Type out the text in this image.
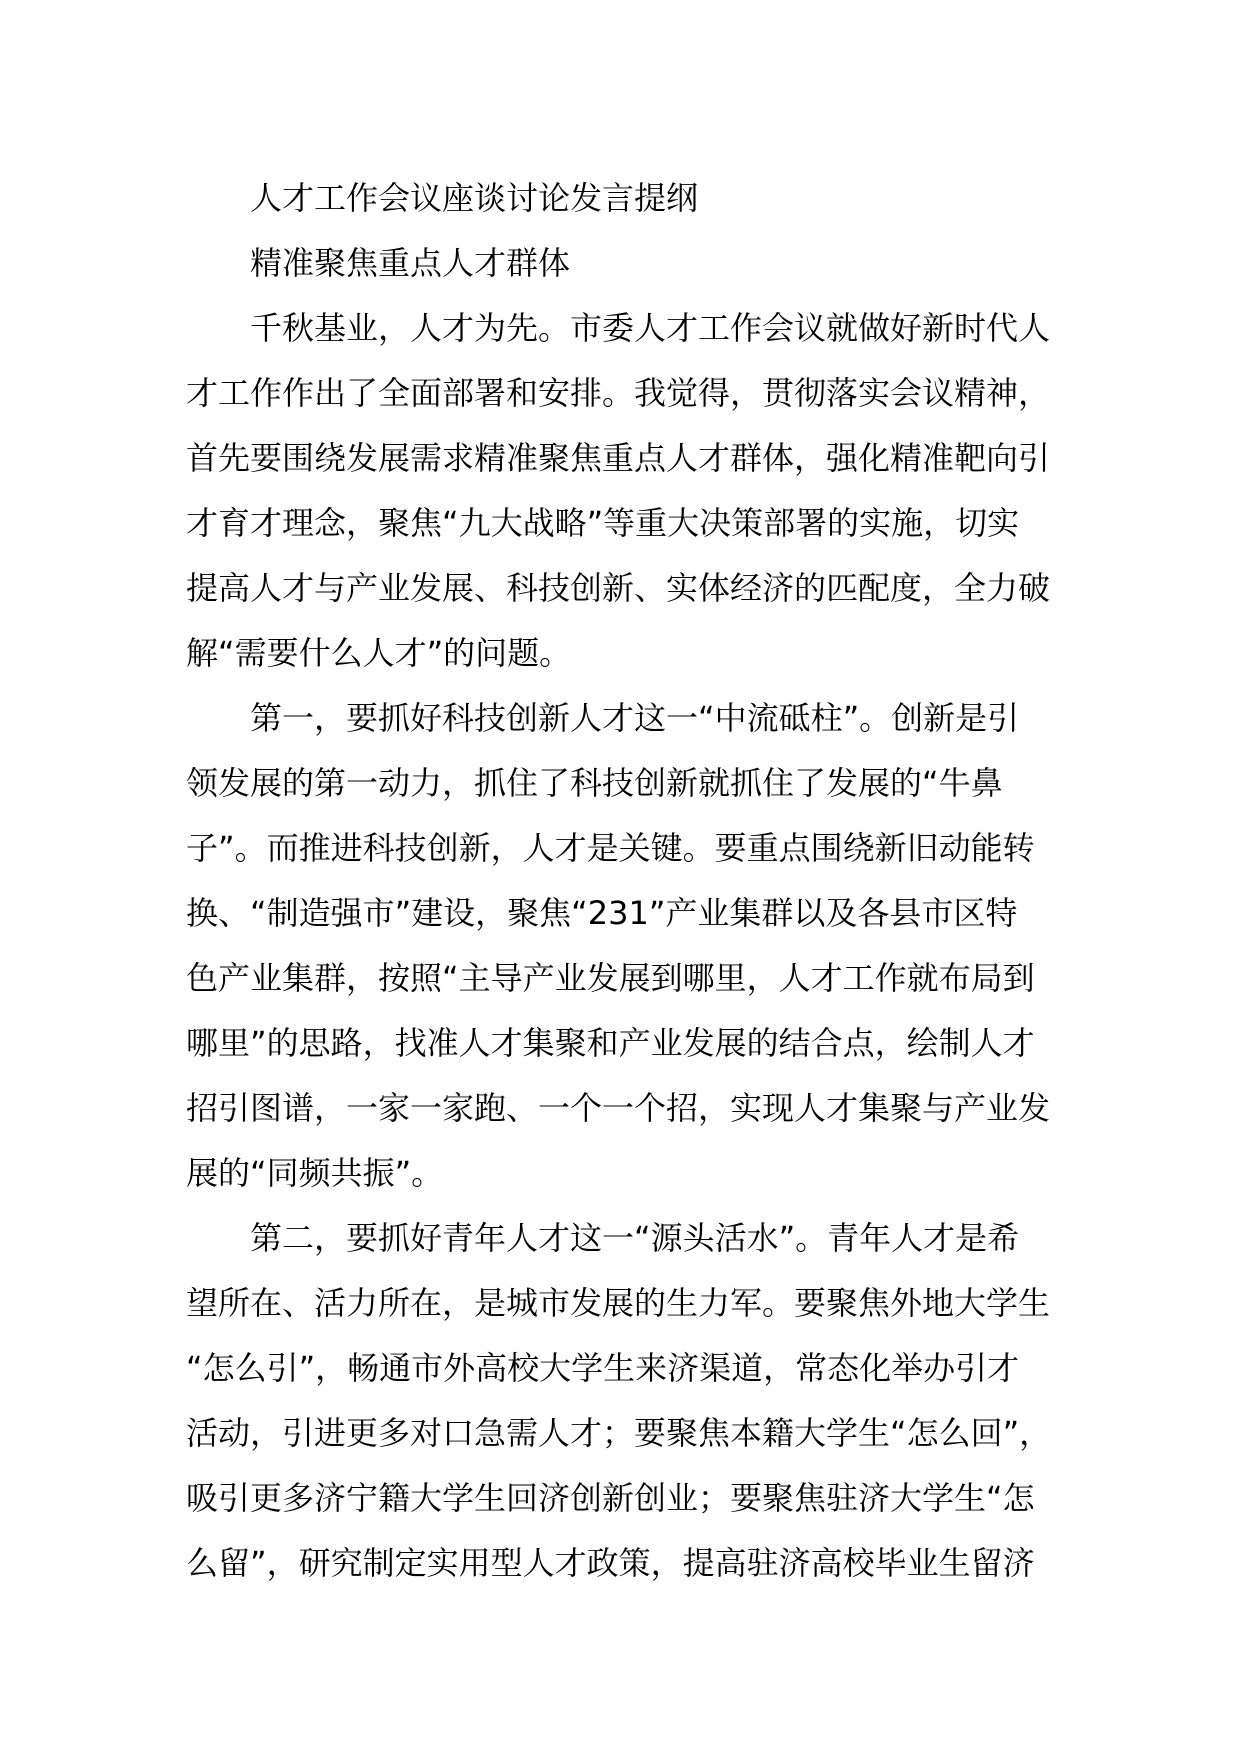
人才工作会议座谈讨论发言提纲
精准聚焦重点人才群体
千秋基业，人才为先。市委人才工作会议就做好新时代人
才工作作出了全面部署和安排。我觉得，贯彻落实会议精神，
首先要围绕发展需求精准聚焦重点人才群体，强化精准靶向引
才育才理念，聚焦“九大战略”等重大决策部署的实施，切实
提高人才与产业发展、科技创新、实体经济的匹配度，全力破
解“需要什么人才”的问题。
第一，要抓好科技创新人才这一“中流砥柱”。创新是引
领发展的第一动力，抓住了科技创新就抓住了发展的“牛鼻
子”。而推进科技创新，人才是关键。要重点围绕新旧动能转
换、“制造强市”建设，聚焦“231”产业集群以及各县市区特
色产业集群，按照“主导产业发展到哪里，人才工作就布局到
哪里”的思路，找准人才集聚和产业发展的结合点，绘制人才
招引图谱，一家一家跑、一个一个招，实现人才集聚与产业发
展的“同频共振”。
第二，要抓好青年人才这一“源头活水”。青年人才是希
望所在、活力所在，是城市发展的生力军。要聚焦外地大学生
“怎么引”，畅通市外高校大学生来济渠道，常态化举办引才
活动，引进更多对口急需人才；要聚焦本籍大学生“怎么回”，
吸引更多济宁籍大学生回济创新创业；要聚焦驻济大学生“怎
么留”，研究制定实用型人才政策，提高驻济高校毕业生留济
